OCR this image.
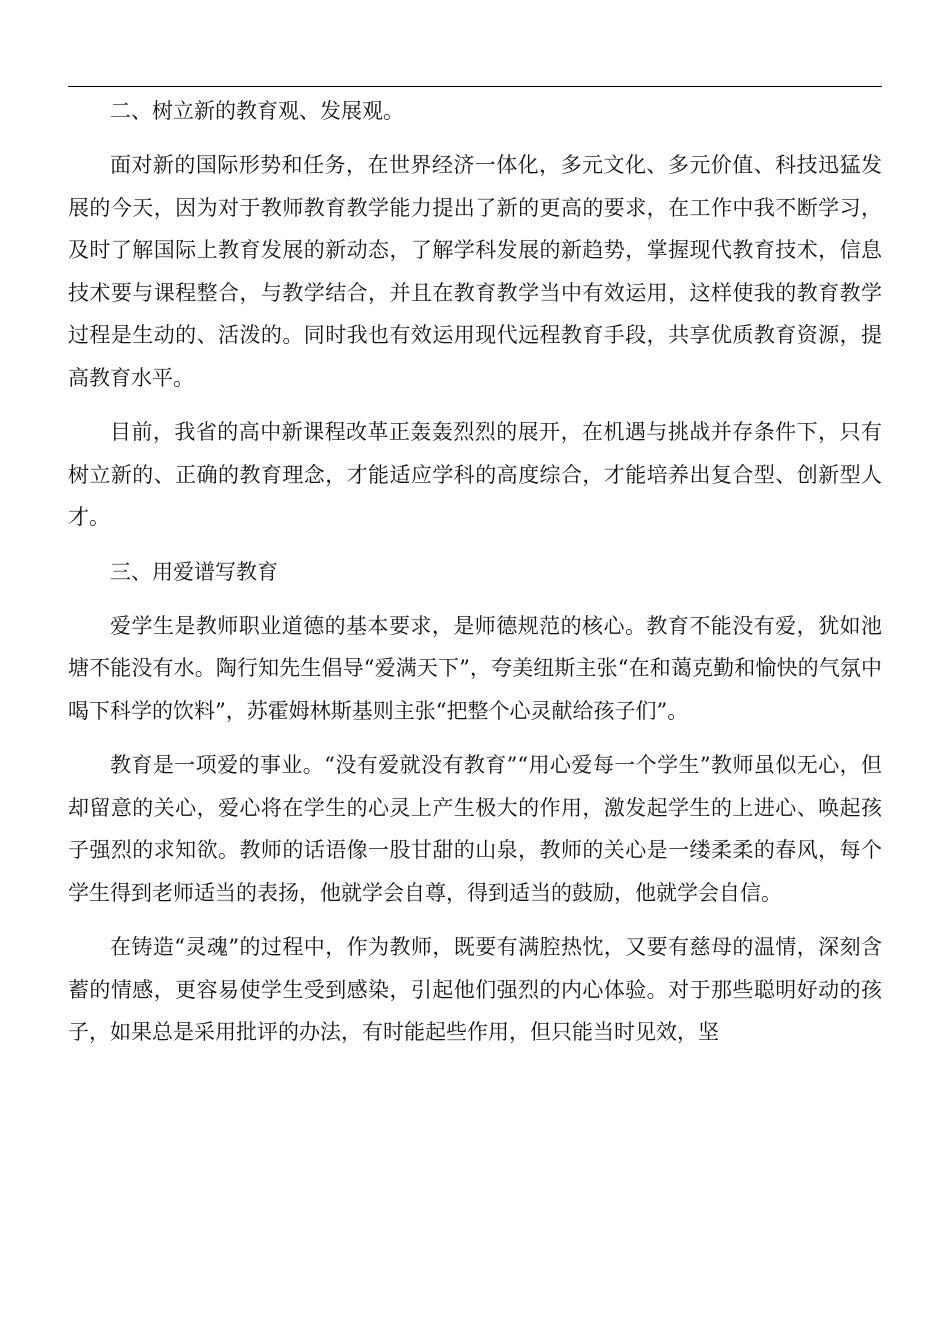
二、树立新的教育观、发展观。

面对新的国际形势和任务，在世界经济一体化，多元文化、多元价值、科技迅猛发展的今天，因为对于教师教育教学能力提出了新的更高的要求，在工作中我不断学习，及时了解国际上教育发展的新动态，了解学科发展的新趋势，掌握现代教育技术，信息技术要与课程整合，与教学结合，并且在教育教学当中有效运用，这样使我的教育教学过程是生动的、活泼的。同时我也有效运用现代远程教育手段，共享优质教育资源，提高教育水平。

目前，我省的高中新课程改革正轰轰烈烈的展开，在机遇与挑战并存条件下，只有树立新的、正确的教育理念，才能适应学科的高度综合，才能培养出复合型、创新型人才。

三、用爱谱写教育

爱学生是教师职业道德的基本要求，是师德规范的核心。教育不能没有爱，犹如池塘不能没有水。陶行知先生倡导“爱满天下”，夸美纽斯主张“在和蔼克勤和愉快的气氛中喝下科学的饮料”，苏霍姆林斯基则主张“把整个心灵献给孩子们”。

教育是一项爱的事业。“没有爱就没有教育”“用心爱每一个学生”教师虽似无心，但却留意的关心，爱心将在学生的心灵上产生极大的作用，激发起学生的上进心、唤起孩子强烈的求知欲。教师的话语像一股甘甜的山泉，教师的关心是一缕柔柔的春风，每个学生得到老师适当的表扬，他就学会自尊，得到适当的鼓励，他就学会自信。

在铸造“灵魂”的过程中，作为教师，既要有满腔热忱，又要有慈母的温情，深刻含蓄的情感，更容易使学生受到感染，引起他们强烈的内心体验。对于那些聪明好动的孩子，如果总是采用批评的办法，有时能起些作用，但只能当时见效，坚
